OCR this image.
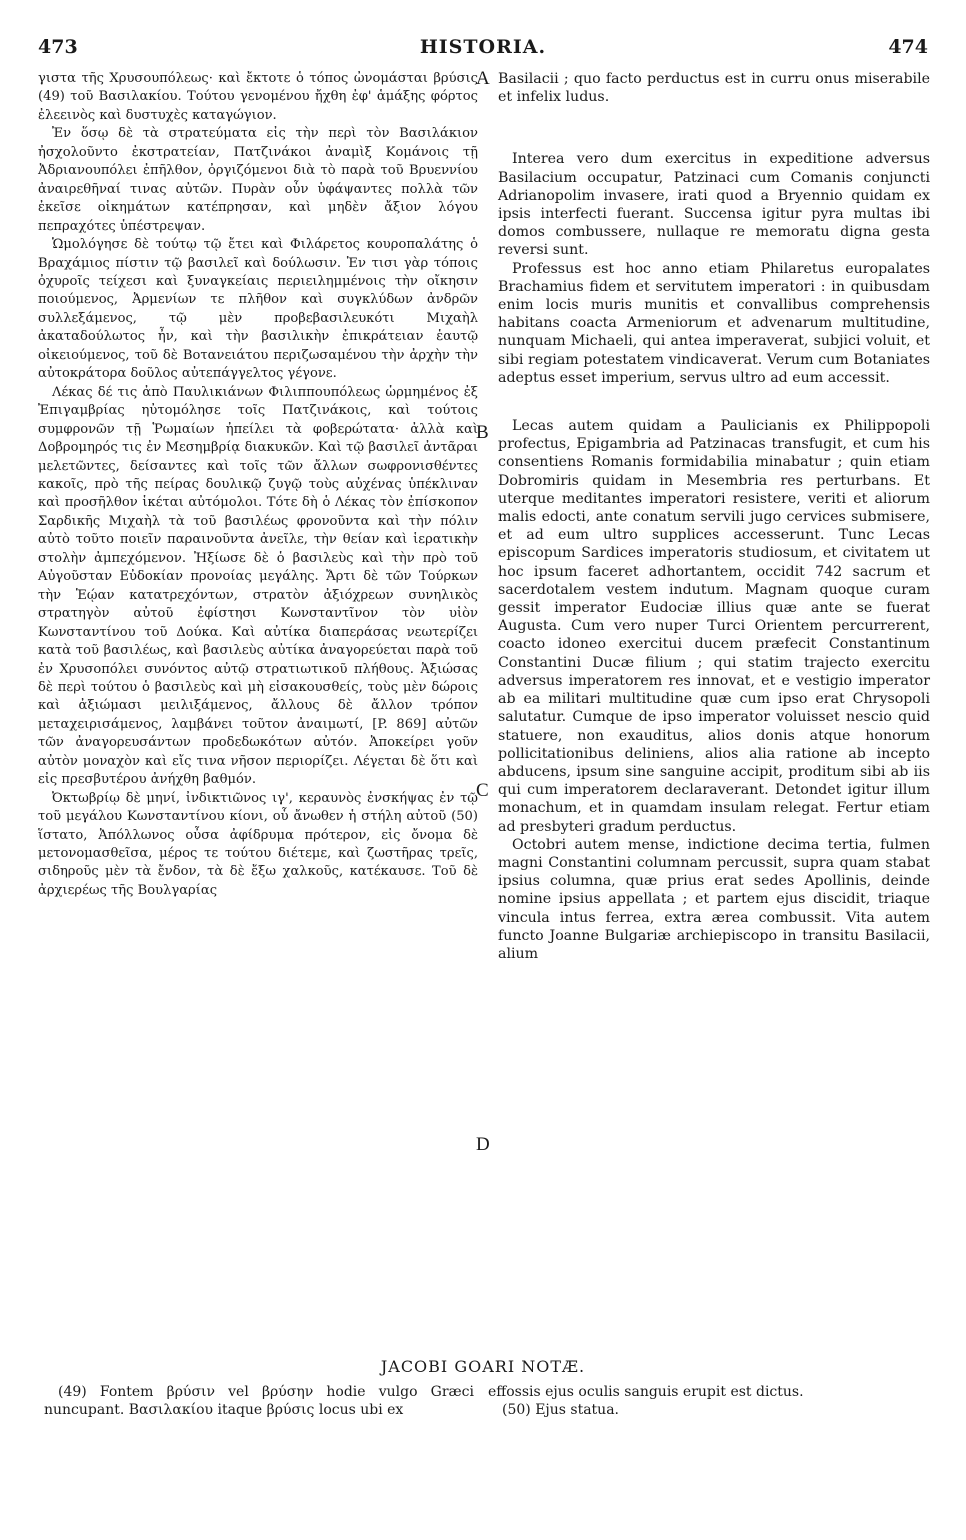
473	HISTORIA.	474

γιστα τῆς Χρυσουπόλεως· καὶ ἔκτοτε ὁ τόπος ὠνομάσται βρύσις (49) τοῦ Βασιλακίου. Τούτου γενομένου ἤχθη ἐφ' ἁμάξης φόρτος ἐλεεινὸς καὶ δυστυχὲς καταγώγιον.

Ἐν ὅσῳ δὲ τὰ στρατεύματα εἰς τὴν περὶ τὸν Βασιλάκιον ἠσχολοῦντο ἐκστρατείαν, Πατζινάκοι ἀναμὶξ Κομάνοις τῇ Ἀδριανουπόλει ἐπῆλθον, ὀργιζόμενοι διὰ τὸ παρὰ τοῦ Βρυεννίου ἀναιρεθῆναί τινας αὐτῶν. Πυρὰν οὖν ὑφάψαντες πολλὰ τῶν ἐκεῖσε οἰκημάτων κατέπρησαν, καὶ μηδὲν ἄξιον λόγου πεπραχότες ὑπέστρεψαν.

Ὡμολόγησε δὲ τούτῳ τῷ ἔτει καὶ Φιλάρετος κουροπαλάτης ὁ Βραχάμιος πίστιν τῷ βασιλεῖ καὶ δούλωσιν. Ἐν τισι γὰρ τόποις ὀχυροῖς τείχεσι καὶ ξυναγκείαις περιειλημμένοις τὴν οἴκησιν ποιούμενος, Ἀρμενίων τε πλῆθον καὶ συγκλύδων ἀνδρῶν συλλεξάμενος, τῷ μὲν προβεβασιλευκότι Μιχαὴλ ἀκαταδούλωτος ἦν, καὶ τὴν βασιλικὴν ἐπικράτειαν ἑαυτῷ οἰκειούμενος, τοῦ δὲ Βοτανειάτου περιζωσαμένου τὴν ἀρχὴν τὴν αὐτοκράτορα δοῦλος αὐτεπάγγελτος γέγονε.

Λέκας δέ τις ἀπὸ Παυλικιάνων Φιλιππουπόλεως ὡρμημένος ἐξ Ἐπιγαμβρίας ηὐτομόλησε τοῖς Πατζινάκοις, καὶ τούτοις συμφρονῶν τῇ Ῥωμαίων ἠπείλει τὰ φοβερώτατα· ἀλλὰ καὶ Δοβρομηρός τις ἐν Μεσημβρίᾳ διακυκῶν. Καὶ τῷ βασιλεῖ ἀντᾶραι μελετῶντες, δείσαντες καὶ τοῖς τῶν ἄλλων σωφρονισθέντες κακοῖς, πρὸ τῆς πείρας δουλικῷ ζυγῷ τοὺς αὐχένας ὑπέκλιναν καὶ προσῆλθον ἱκέται αὐτόμολοι. Τότε δὴ ὁ Λέκας τὸν ἐπίσκοπον Σαρδικῆς Μιχαὴλ τὰ τοῦ βασιλέως φρονοῦντα καὶ τὴν πόλιν αὐτὸ τοῦτο ποιεῖν παραινοῦντα ἀνεῖλε, τὴν θείαν καὶ ἱερατικὴν στολὴν ἀμπεχόμενον. Ἠξίωσε δὲ ὁ βασιλεὺς καὶ τὴν πρὸ τοῦ Αὐγοῦσταν Εὐδοκίαν προνοίας μεγάλης. Ἄρτι δὲ τῶν Τούρκων τὴν Ἑῴαν κατατρεχόντων, στρατὸν ἀξιόχρεων συνηλικὸς στρατηγὸν αὐτοῦ ἐφίστησι Κωνσταντῖνον τὸν υἱὸν Κωνσταντίνου τοῦ Δούκα. Καὶ αὐτίκα διαπεράσας νεωτερίζει κατὰ τοῦ βασιλέως, καὶ βασιλεὺς αὐτίκα ἀναγορεύεται παρὰ τοῦ ἐν Χρυσοπόλει συνόντος αὐτῷ στρατιωτικοῦ πλήθους. Ἀξιώσας δὲ περὶ τούτου ὁ βασιλεὺς καὶ μὴ εἰσακουσθείς, τοὺς μὲν δώροις καὶ ἀξιώμασι μειλιξάμενος, ἄλλους δὲ ἄλλον τρόπον μεταχειρισάμενος, λαμβάνει τοῦτον ἀναιμωτί, [P. 869] αὐτῶν τῶν ἀναγορευσάντων προδεδωκότων αὐτόν. Ἀποκείρει γοῦν αὐτὸν μοναχὸν καὶ εἴς τινα νῆσον περιορίζει. Λέγεται δὲ ὅτι καὶ εἰς πρεσβυτέρου ἀνήχθη βαθμόν.

Ὀκτωβρίῳ δὲ μηνί, ἰνδικτιῶνος ιγ', κεραυνὸς ἐνσκήψας ἐν τῷ τοῦ μεγάλου Κωνσταντίνου κίονι, οὗ ἄνωθεν ἡ στήλη αὐτοῦ (50) ἵστατο, Ἀπόλλωνος οὖσα ἀφίδρυμα πρότερον, εἰς ὄνομα δὲ μετονομασθεῖσα, μέρος τε τούτου διέτεμε, καὶ ζωστῆρας τρεῖς, σιδηροῦς μὲν τὰ ἔνδον, τὰ δὲ ἔξω χαλκοῦς, κατέκαυσε. Τοῦ δὲ ἀρχιερέως τῆς Βουλγαρίας

A
B
C
D

Basilacii ; quo facto perductus est in curru onus miserabile et infelix ludus.

Interea vero dum exercitus in expeditione adversus Basilacium occupatur, Patzinaci cum Comanis conjuncti Adrianopolim invasere, irati quod a Bryennio quidam ex ipsis interfecti fuerant. Succensa igitur pyra multas ibi domos combussere, nullaque re memoratu digna gesta reversi sunt.

Professus est hoc anno etiam Philaretus europalates Brachamius fidem et servitutem imperatori : in quibusdam enim locis muris munitis et convallibus comprehensis habitans coacta Armeniorum et advenarum multitudine, nunquam Michaeli, qui antea imperaverat, subjici voluit, et sibi regiam potestatem vindicaverat. Verum cum Botaniates adeptus esset imperium, servus ultro ad eum accessit.

Lecas autem quidam a Paulicianis ex Philippopoli profectus, Epigambria ad Patzinacas transfugit, et cum his consentiens Romanis formidabilia minabatur ; quin etiam Dobromiris quidam in Mesembria res perturbans. Et uterque meditantes imperatori resistere, veriti et aliorum malis edocti, ante conatum servili jugo cervices submisere, et ad eum ultro supplices accesserunt. Tunc Lecas episcopum Sardices imperatoris studiosum, et civitatem ut hoc ipsum faceret adhortantem, occidit 742 sacrum et sacerdotalem vestem indutum. Magnam quoque curam gessit imperator Eudociæ illius quæ ante se fuerat Augusta. Cum vero nuper Turci Orientem percurrerent, coacto idoneo exercitui ducem præfecit Constantinum Constantini Ducæ filium ; qui statim trajecto exercitu adversus imperatorem res innovat, et e vestigio imperator ab ea militari multitudine quæ cum ipso erat Chrysopoli salutatur. Cumque de ipso imperator voluisset nescio quid statuere, non exauditus, alios donis atque honorum pollicitationibus deliniens, alios alia ratione ab incepto abducens, ipsum sine sanguine accipit, proditum sibi ab iis qui cum imperatorem declaraverant. Detondet igitur illum monachum, et in quamdam insulam relegat. Fertur etiam ad presbyteri gradum perductus.

Octobri autem mense, indictione decima tertia, fulmen magni Constantini columnam percussit, supra quam stabat ipsius columna, quæ prius erat sedes Apollinis, deinde nomine ipsius appellata ; et partem ejus discidit, triaque vincula intus ferrea, extra ærea combussit. Vita autem functo Joanne Bulgariæ archiepiscopo in transitu Basilacii, alium

JACOBI GOARI NOTÆ.

(49) Fontem βρύσιν vel βρύσην hodie vulgo Græci nuncupant. Βασιλακίου itaque βρύσις locus ubi ex

effossis ejus oculis sanguis erupit est dictus.

(50) Ejus statua.
